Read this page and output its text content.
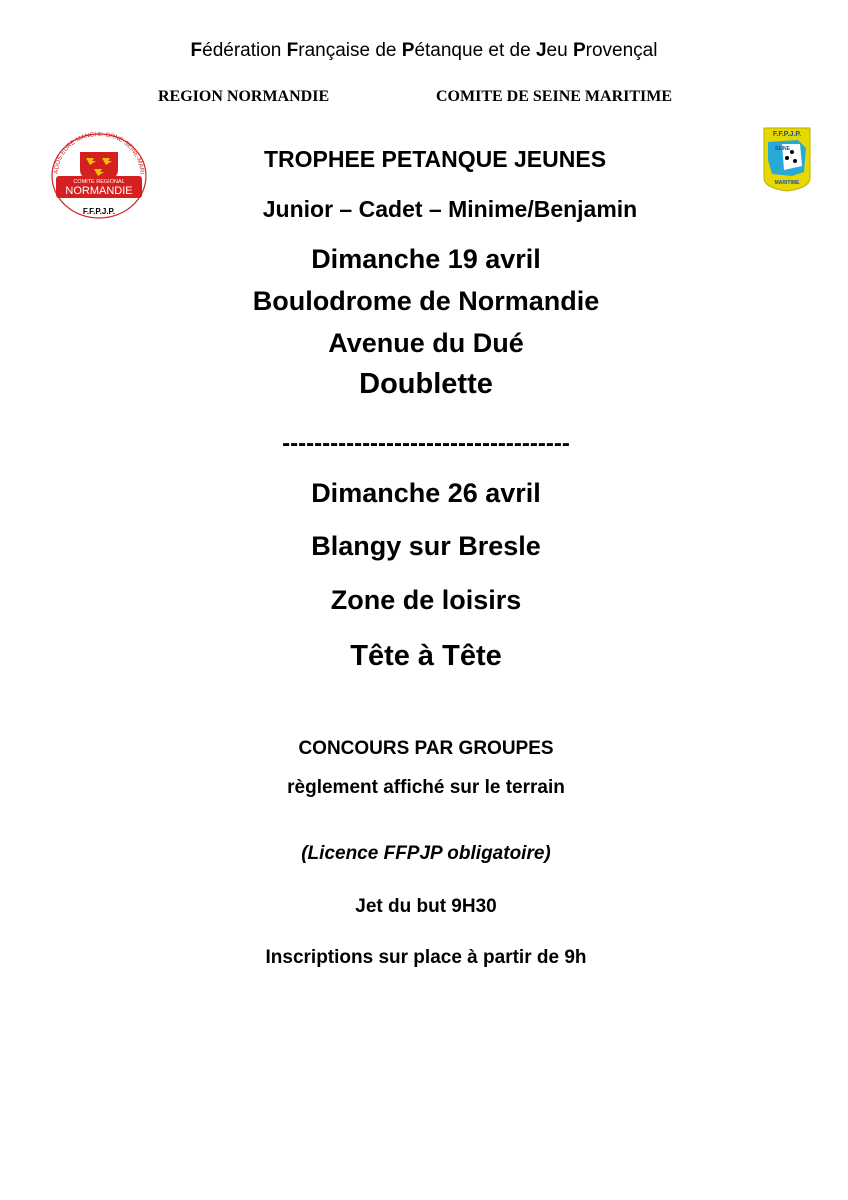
Fédération Française de Pétanque et de Jeu Provençal
REGION NORMANDIE	COMITE DE SEINE MARITIME
ADOS·EURE·MANCHE·ORNE·SEINE-MARI
COMITE REGIONAL
NORMANDIE
F.F.P.J.P.
F.F.P.J.P.
SEINE
MARITIME
TROPHEE PETANQUE JEUNES
Junior – Cadet – Minime/Benjamin
Dimanche 19 avril
Boulodrome de Normandie
Avenue du Dué
Doublette
------------------------------------
Dimanche 26 avril
Blangy sur Bresle
Zone de loisirs
Tête à Tête
CONCOURS PAR GROUPES
règlement affiché sur le terrain
(Licence FFPJP obligatoire)
Jet du but 9H30
Inscriptions sur place à partir de 9h
